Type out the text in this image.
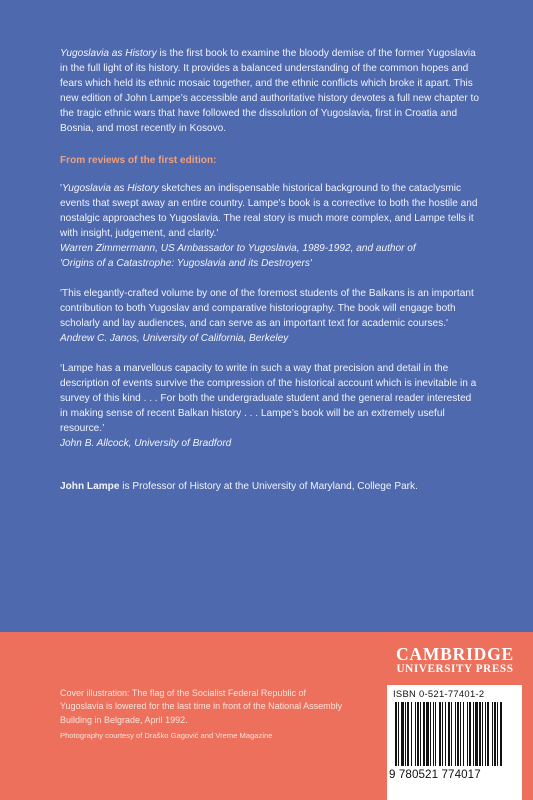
Yugoslavia as History is the first book to examine the bloody demise of the former Yugoslavia in the full light of its history. It provides a balanced understanding of the common hopes and fears which held its ethnic mosaic together, and the ethnic conflicts which broke it apart. This new edition of John Lampe’s accessible and authoritative history devotes a full new chapter to the tragic ethnic wars that have followed the dissolution of Yugoslavia, first in Croatia and Bosnia, and most recently in Kosovo.

From reviews of the first edition:

'Yugoslavia as History sketches an indispensable historical background to the cataclysmic events that swept away an entire country. Lampe's book is a corrective to both the hostile and nostalgic approaches to Yugoslavia. The real story is much more complex, and Lampe tells it with insight, judgement, and clarity.'
Warren Zimmermann, US Ambassador to Yugoslavia, 1989-1992, and author of
'Origins of a Catastrophe: Yugoslavia and its Destroyers'
'This elegantly-crafted volume by one of the foremost students of the Balkans is an important contribution to both Yugoslav and comparative historiography. The book will engage both scholarly and lay audiences, and can serve as an important text for academic courses.'
Andrew C. Janos, University of California, Berkeley
‘Lampe has a marvellous capacity to write in such a way that precision and detail in the description of events survive the compression of the historical account which is inevitable in a survey of this kind . . . For both the undergraduate student and the general reader interested in making sense of recent Balkan history . . . Lampe’s book will be an extremely useful resource.’
John B. Allcock, University of Bradford

John Lampe is Professor of History at the University of Maryland, College Park.

CAMBRIDGE
UNIVERSITY PRESS
Cover illustration: The flag of the Socialist Federal Republic of Yugoslavia is lowered for the last time in front of the National Assembly Building in Belgrade, April 1992.
Photography courtesy of Draško Gagović and Vreme Magazine
ISBN 0-521-77401-2
9 780521 774017
